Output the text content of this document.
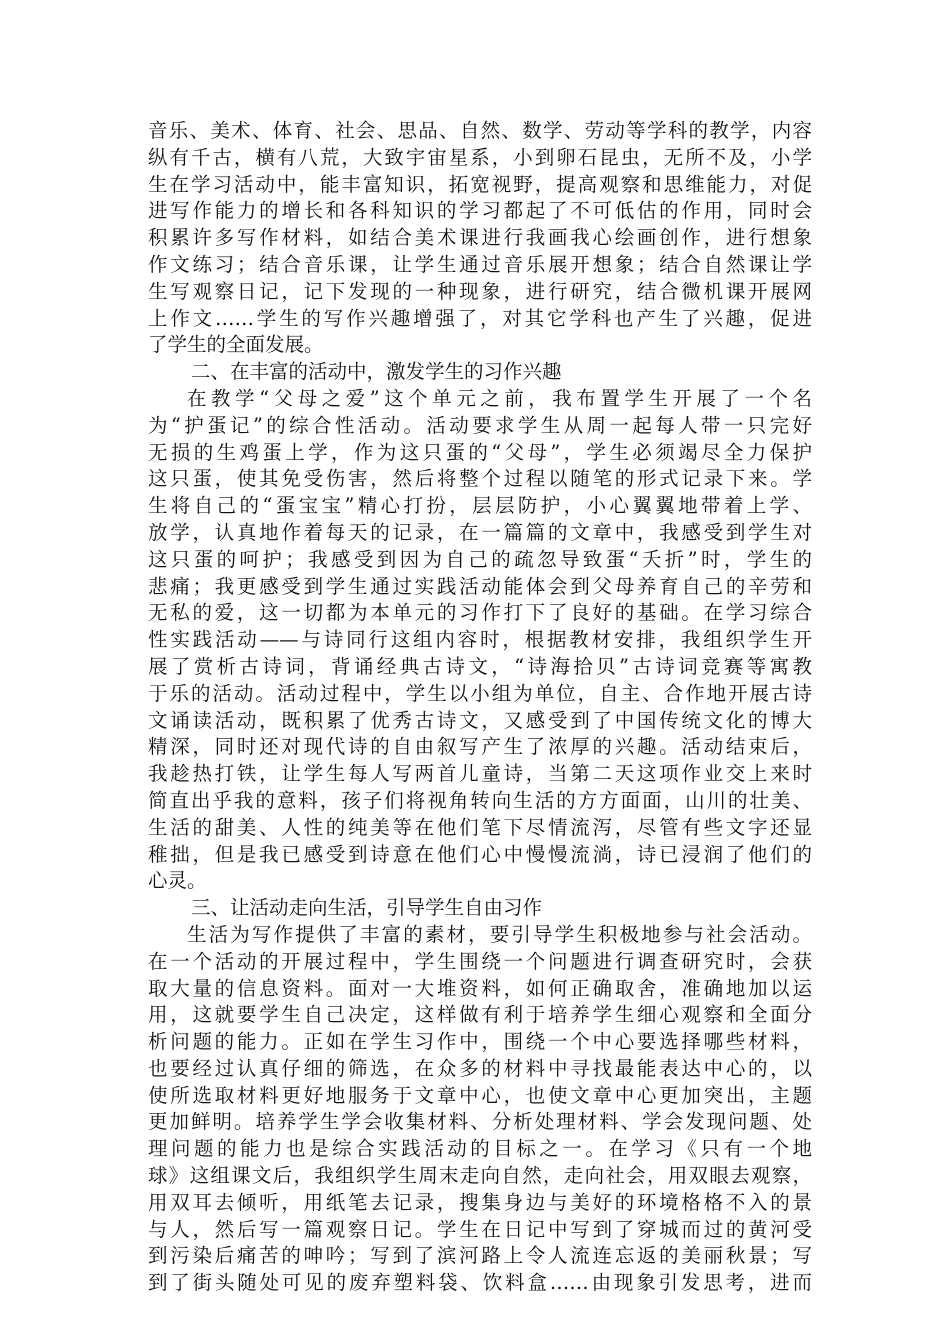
音乐、美术、体育、社会、思品、自然、数学、劳动等学科的教学，内容
纵有千古，横有八荒，大致宇宙星系，小到卵石昆虫，无所不及，小学
生在学习活动中，能丰富知识，拓宽视野，提高观察和思维能力，对促
进写作能力的增长和各科知识的学习都起了不可低估的作用，同时会
积累许多写作材料，如结合美术课进行我画我心绘画创作，进行想象
作文练习；结合音乐课，让学生通过音乐展开想象；结合自然课让学
生写观察日记，记下发现的一种现象，进行研究，结合微机课开展网
上作文……学生的写作兴趣增强了，对其它学科也产生了兴趣，促进
了学生的全面发展。
二、在丰富的活动中，激发学生的习作兴趣
在教学“父母之爱”这个单元之前，我布置学生开展了一个名
为“护蛋记”的综合性活动。活动要求学生从周一起每人带一只完好
无损的生鸡蛋上学，作为这只蛋的“父母”，学生必须竭尽全力保护
这只蛋，使其免受伤害，然后将整个过程以随笔的形式记录下来。学
生将自己的“蛋宝宝”精心打扮，层层防护，小心翼翼地带着上学、
放学，认真地作着每天的记录，在一篇篇的文章中，我感受到学生对
这只蛋的呵护；我感受到因为自己的疏忽导致蛋“夭折”时，学生的
悲痛；我更感受到学生通过实践活动能体会到父母养育自己的辛劳和
无私的爱，这一切都为本单元的习作打下了良好的基础。在学习综合
性实践活动——与诗同行这组内容时，根据教材安排，我组织学生开
展了赏析古诗词，背诵经典古诗文，“诗海拾贝”古诗词竞赛等寓教
于乐的活动。活动过程中，学生以小组为单位，自主、合作地开展古诗
文诵读活动，既积累了优秀古诗文，又感受到了中国传统文化的博大
精深，同时还对现代诗的自由叙写产生了浓厚的兴趣。活动结束后，
我趁热打铁，让学生每人写两首儿童诗，当第二天这项作业交上来时
简直出乎我的意料，孩子们将视角转向生活的方方面面，山川的壮美、
生活的甜美、人性的纯美等在他们笔下尽情流泻，尽管有些文字还显
稚拙，但是我已感受到诗意在他们心中慢慢流淌，诗已浸润了他们的
心灵。
三、让活动走向生活，引导学生自由习作
生活为写作提供了丰富的素材，要引导学生积极地参与社会活动。
在一个活动的开展过程中，学生围绕一个问题进行调查研究时，会获
取大量的信息资料。面对一大堆资料，如何正确取舍，准确地加以运
用，这就要学生自己决定，这样做有利于培养学生细心观察和全面分
析问题的能力。正如在学生习作中，围绕一个中心要选择哪些材料，
也要经过认真仔细的筛选，在众多的材料中寻找最能表达中心的，以
使所选取材料更好地服务于文章中心，也使文章中心更加突出，主题
更加鲜明。培养学生学会收集材料、分析处理材料、学会发现问题、处
理问题的能力也是综合实践活动的目标之一。在学习《只有一个地
球》这组课文后，我组织学生周末走向自然，走向社会，用双眼去观察，
用双耳去倾听，用纸笔去记录，搜集身边与美好的环境格格不入的景
与人，然后写一篇观察日记。学生在日记中写到了穿城而过的黄河受
到污染后痛苦的呻吟；写到了滨河路上令人流连忘返的美丽秋景；写
到了街头随处可见的废弃塑料袋、饮料盒……由现象引发思考，进而
